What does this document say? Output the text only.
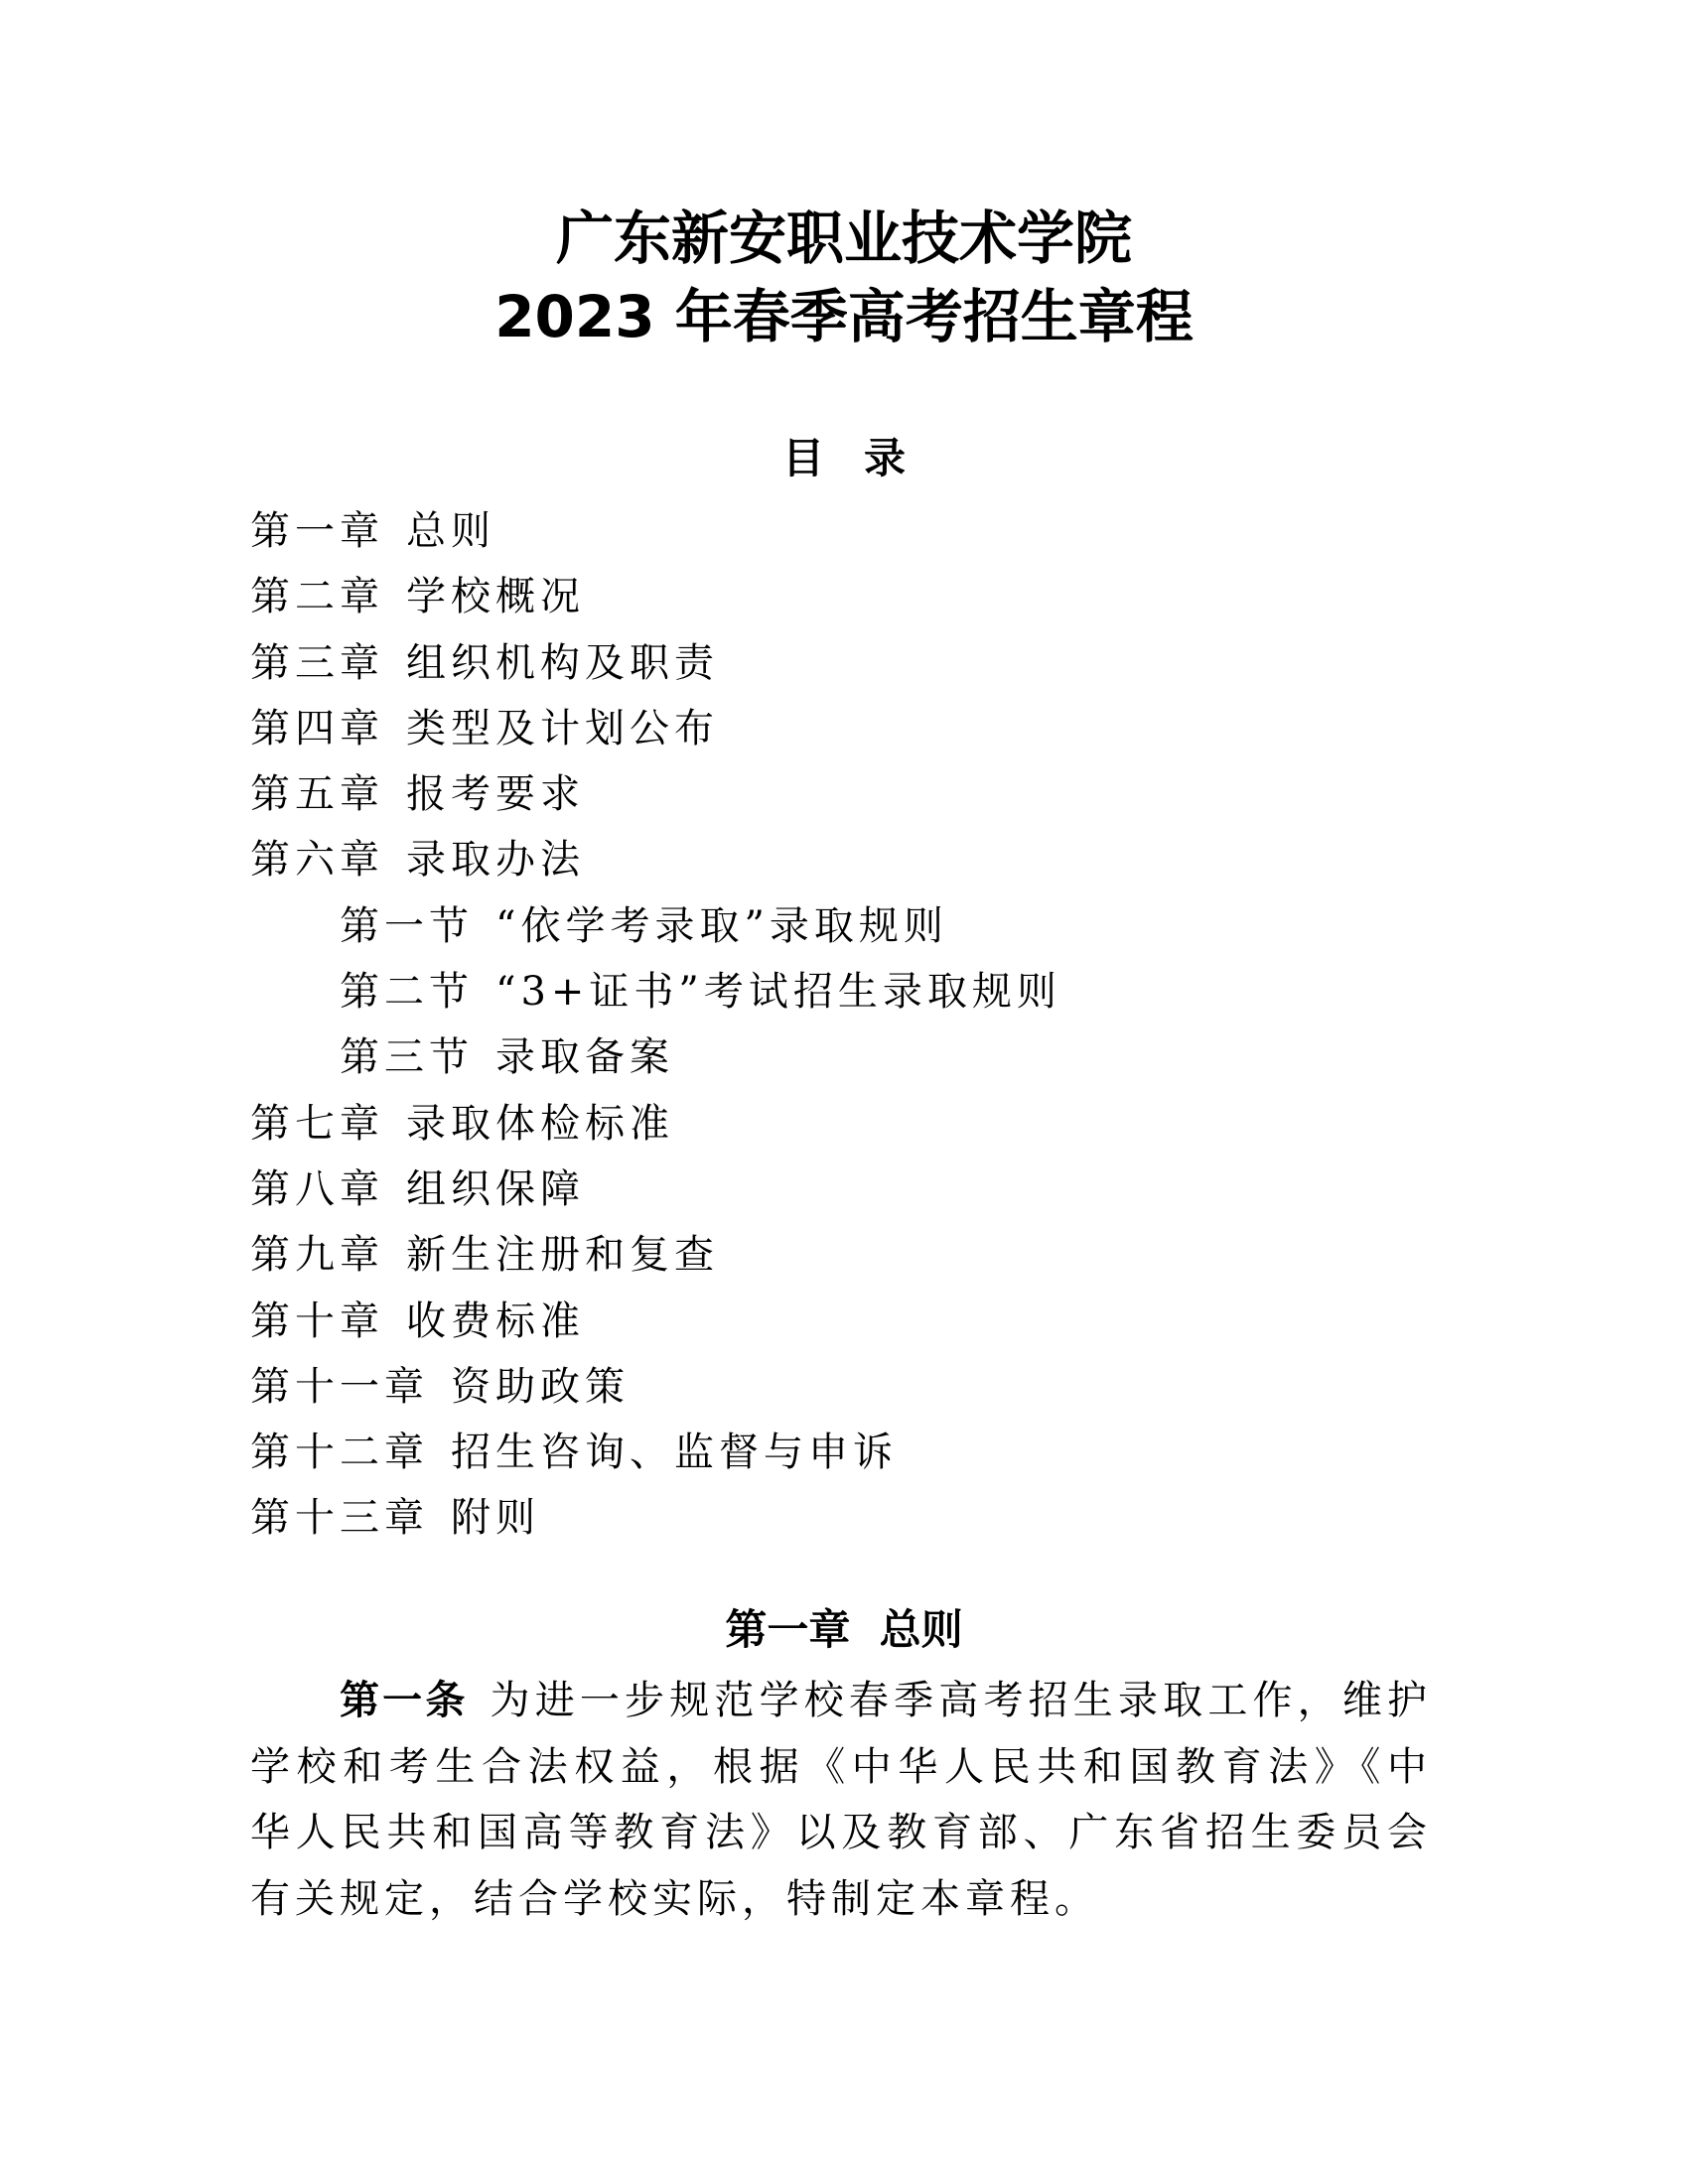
广东新安职业技术学院
2023 年春季高考招生章程
目录
第一章 总则
第二章 学校概况
第三章 组织机构及职责
第四章 类型及计划公布
第五章 报考要求
第六章 录取办法
第一节 “依学考录取”录取规则
第二节 “3+证书”考试招生录取规则
第三节 录取备案
第七章 录取体检标准
第八章 组织保障
第九章 新生注册和复查
第十章 收费标准
第十一章 资助政策
第十二章 招生咨询、监督与申诉
第十三章 附则
第一章  总则

第一条 为进一步规范学校春季高考招生录取工作，维护学校和考生合法权益，根据《中华人民共和国教育法》《中华人民共和国高等教育法》以及教育部、广东省招生委员会有关规定，结合学校实际，特制定本章程。
